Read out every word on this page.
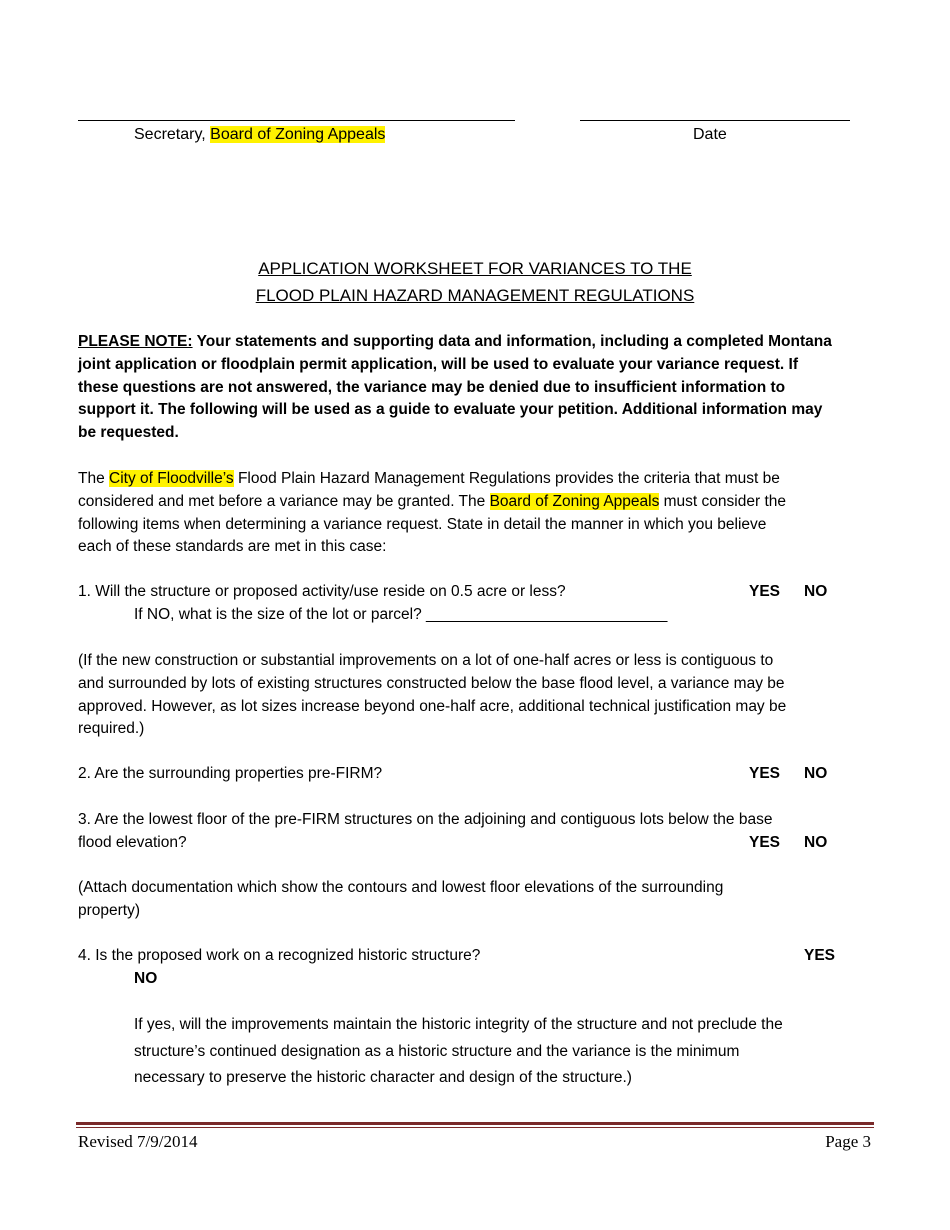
Secretary, Board of Zoning Appeals	Date
APPLICATION WORKSHEET FOR VARIANCES TO THE
FLOOD PLAIN HAZARD MANAGEMENT REGULATIONS
PLEASE NOTE: Your statements and supporting data and information, including a completed Montana
joint application or floodplain permit application, will be used to evaluate your variance request. If
these questions are not answered, the variance may be denied due to insufficient information to
support it. The following will be used as a guide to evaluate your petition. Additional information may
be requested.
The City of Floodville’s Flood Plain Hazard Management Regulations provides the criteria that must be
considered and met before a variance may be granted. The Board of Zoning Appeals must consider the
following items when determining a variance request. State in detail the manner in which you believe
each of these standards are met in this case:
1. Will the structure or proposed activity/use reside on 0.5 acre or less?	YES NO
If NO, what is the size of the lot or parcel? ____________________________
(If the new construction or substantial improvements on a lot of one-half acres or less is contiguous to
and surrounded by lots of existing structures constructed below the base flood level, a variance may be
approved. However, as lot sizes increase beyond one-half acre, additional technical justification may be
required.)
2. Are the surrounding properties pre-FIRM?	YES NO
3. Are the lowest floor of the pre-FIRM structures on the adjoining and contiguous lots below the base
flood elevation?	YES NO
(Attach documentation which show the contours and lowest floor elevations of the surrounding
property)
4. Is the proposed work on a recognized historic structure?	YES
NO
If yes, will the improvements maintain the historic integrity of the structure and not preclude the
structure’s continued designation as a historic structure and the variance is the minimum
necessary to preserve the historic character and design of the structure.)
Revised 7/9/2014	Page 3
